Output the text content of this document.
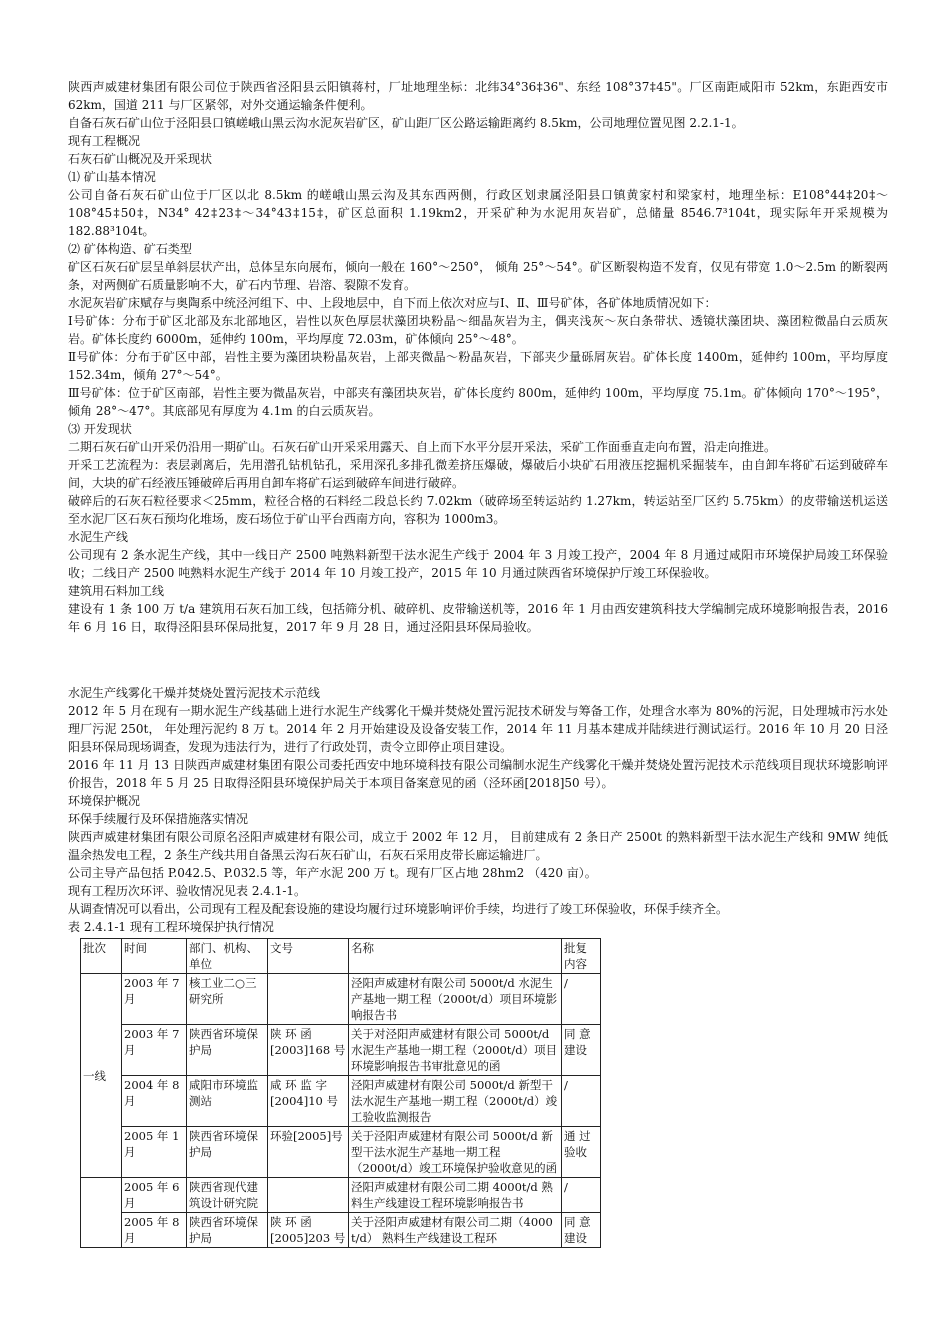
陕西声威建材集团有限公司位于陕西省泾阳县云阳镇蒋村，厂址地理坐标：北纬34°36‡36"、东经 108°37‡45"。厂区南距咸阳市 52km，东距西安市 62km，国道 211 与厂区紧邻，对外交通运输条件便利。

自备石灰石矿山位于泾阳县口镇嵯峨山黑云沟水泥灰岩矿区，矿山距厂区公路运输距离约 8.5km，公司地理位置见图 2.2.1-1。

现有工程概况

石灰石矿山概况及开采现状

⑴ 矿山基本情况

公司自备石灰石矿山位于厂区以北 8.5km 的嵯峨山黑云沟及其东西两侧，行政区划隶属泾阳县口镇黄家村和梁家村，地理坐标：E108°44‡20‡～108°45‡50‡，N34° 42‡23‡～34°43‡15‡，矿区总面积 1.19km2，开采矿种为水泥用灰岩矿，总储量 8546.7³104t，现实际年开采规模为 182.88³104t。

⑵ 矿体构造、矿石类型

矿区石灰石矿层呈单斜层状产出，总体呈东向展布，倾向一般在 160°～250°， 倾角 25°～54°。矿区断裂构造不发育，仅见有带宽 1.0～2.5m 的断裂两条，对两侧矿石质量影响不大，矿石内节理、岩溶、裂隙不发育。

水泥灰岩矿床赋存与奥陶系中统泾河组下、中、上段地层中，自下而上依次对应与Ⅰ、Ⅱ、Ⅲ号矿体，各矿体地质情况如下：

Ⅰ号矿体：分布于矿区北部及东北部地区，岩性以灰色厚层状藻团块粉晶～细晶灰岩为主，偶夹浅灰～灰白条带状、透镜状藻团块、藻团粒微晶白云质灰岩。矿体长度约 6000m，延伸约 100m，平均厚度 72.03m，矿体倾向 25°～48°。

Ⅱ号矿体：分布于矿区中部，岩性主要为藻团块粉晶灰岩，上部夹微晶～粉晶灰岩，下部夹少量砾屑灰岩。矿体长度 1400m，延伸约 100m，平均厚度 152.34m，倾角 27°～54°。

Ⅲ号矿体：位于矿区南部，岩性主要为微晶灰岩，中部夹有藻团块灰岩，矿体长度约 800m，延伸约 100m，平均厚度 75.1m。矿体倾向 170°～195°，倾角 28°～47°。其底部见有厚度为 4.1m 的白云质灰岩。

⑶ 开发现状

二期石灰石矿山开采仍沿用一期矿山。石灰石矿山开采采用露天、自上而下水平分层开采法，采矿工作面垂直走向布置，沿走向推进。

开采工艺流程为：表层剥离后，先用潜孔钻机钻孔，采用深孔多排孔微差挤压爆破，爆破后小块矿石用液压挖掘机采掘装车，由自卸车将矿石运到破碎车间，大块的矿石经液压锤破碎后再用自卸车将矿石运到破碎车间进行破碎。

破碎后的石灰石粒径要求＜25mm，粒径合格的石料经二段总长约 7.02km（破碎场至转运站约 1.27km，转运站至厂区约 5.75km）的皮带输送机运送至水泥厂区石灰石预均化堆场，废石场位于矿山平台西南方向，容积为 1000m3。

水泥生产线

公司现有 2 条水泥生产线，其中一线日产 2500 吨熟料新型干法水泥生产线于 2004 年 3 月竣工投产，2004 年 8 月通过咸阳市环境保护局竣工环保验收；二线日产 2500 吨熟料水泥生产线于 2014 年 10 月竣工投产，2015 年 10 月通过陕西省环境保护厅竣工环保验收。

建筑用石料加工线

建设有 1 条 100 万 t/a 建筑用石灰石加工线，包括筛分机、破碎机、皮带输送机等，2016 年 1 月由西安建筑科技大学编制完成环境影响报告表，2016 年 6 月 16 日，取得泾阳县环保局批复，2017 年 9 月 28 日，通过泾阳县环保局验收。

水泥生产线雾化干燥并焚烧处置污泥技术示范线

2012 年 5 月在现有一期水泥生产线基础上进行水泥生产线雾化干燥并焚烧处置污泥技术研发与筹备工作，处理含水率为 80%的污泥，日处理城市污水处理厂污泥 250t， 年处理污泥约 8 万 t。2014 年 2 月开始建设及设备安装工作，2014 年 11 月基本建成并陆续进行测试运行。2016 年 10 月 20 日泾阳县环保局现场调查，发现为违法行为，进行了行政处罚，责令立即停止项目建设。

2016 年 11 月 13 日陕西声威建材集团有限公司委托西安中地环境科技有限公司编制水泥生产线雾化干燥并焚烧处置污泥技术示范线项目现状环境影响评价报告，2018 年 5 月 25 日取得泾阳县环境保护局关于本项目备案意见的函（泾环函[2018]50 号）。

环境保护概况

环保手续履行及环保措施落实情况

陕西声威建材集团有限公司原名泾阳声威建材有限公司，成立于 2002 年 12 月， 目前建成有 2 条日产 2500t 的熟料新型干法水泥生产线和 9MW 纯低温余热发电工程，2 条生产线共用自备黑云沟石灰石矿山，石灰石采用皮带长廊运输进厂。

公司主导产品包括 P.042.5、P.032.5 等，年产水泥 200 万 t。现有厂区占地 28hm2 （420 亩）。

现有工程历次环评、验收情况见表 2.4.1-1。

从调查情况可以看出，公司现有工程及配套设施的建设均履行过环境影响评价手续，均进行了竣工环保验收，环保手续齐全。

表 2.4.1-1 现有工程环境保护执行情况

批次	时间	部门、机构、单位	文号	名称	批复内容
一线	2003 年 7 月	核工业二○三研究所		泾阳声威建材有限公司 5000t/d 水泥生产基地一期工程（2000t/d）项目环境影响报告书	/
	2003 年 7 月	陕西省环境保护局	陕 环 函 [2003]168 号	关于对泾阳声威建材有限公司 5000t/d 水泥生产基地一期工程（2000t/d）项目环境影响报告书审批意见的函	同 意建设
	2004 年 8 月	咸阳市环境监测站	咸 环 监 字 [2004]10 号	泾阳声威建材有限公司 5000t/d 新型干法水泥生产基地一期工程（2000t/d）竣工验收监测报告	/
	2005 年 1 月	陕西省环境保护局	环验[2005]号	关于泾阳声威建材有限公司 5000t/d 新型干法水泥生产基地一期工程（2000t/d）竣工环境保护验收意见的函	通 过验收
	2005 年 6 月	陕西省现代建筑设计研究院		泾阳声威建材有限公司二期 4000t/d 熟料生产线建设工程环境影响报告书	/
	2005 年 8 月	陕西省环境保护局	陕 环 函 [2005]203 号	关于泾阳声威建材有限公司二期（4000 t/d） 熟料生产线建设工程环	同 意建设
